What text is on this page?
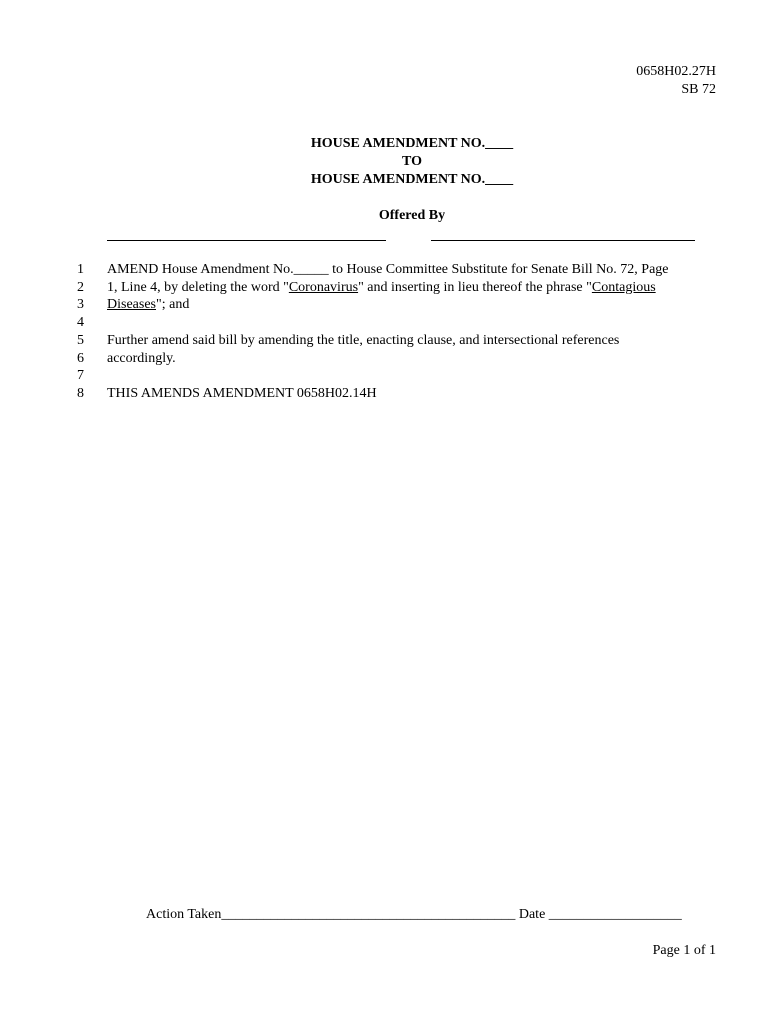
0658H02.27H
SB 72
HOUSE AMENDMENT NO.____
TO
HOUSE AMENDMENT NO.____
Offered By
1 AMEND House Amendment No._____ to House Committee Substitute for Senate Bill No. 72, Page
2 1, Line 4, by deleting the word "Coronavirus" and inserting in lieu thereof the phrase "Contagious
3 Diseases"; and
4
5 Further amend said bill by amending the title, enacting clause, and intersectional references
6 accordingly.
7
8 THIS AMENDS AMENDMENT 0658H02.14H
Action Taken__________________________________________ Date ___________________
Page 1 of 1
